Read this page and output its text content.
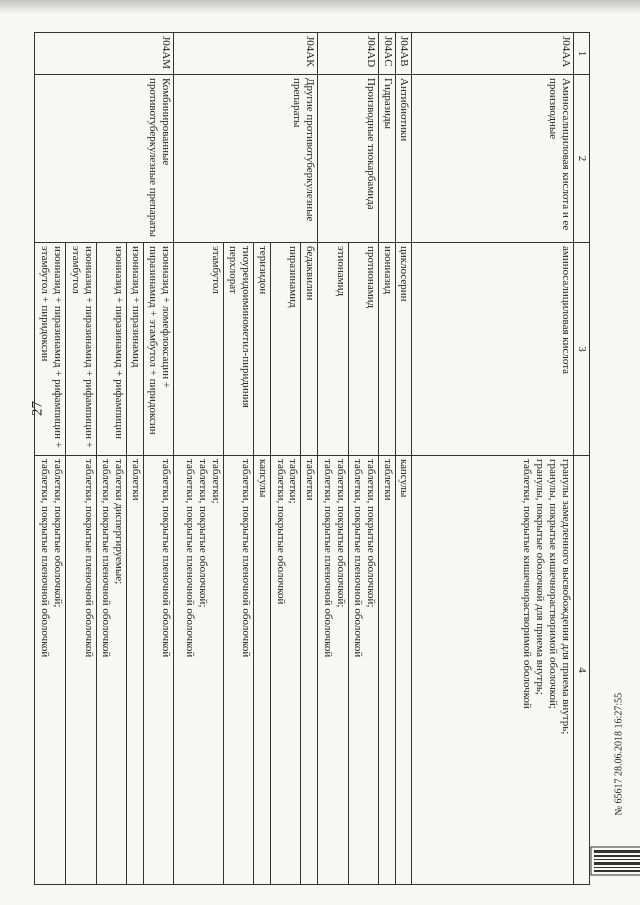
27
1	2	3	4
J04AA	Аминосалициловая кислота и ее производные	аминосалициловая кислота	гранулы замедленного высвобождения для приема внутрь;
гранулы, покрытые кишечнорастворимой оболочкой;
гранулы, покрытые оболочкой для приема внутрь;
таблетки, покрытые кишечнорастворимой оболочкой

J04AB	Антибиотики	циклосерин	капсулы
J04AC	Гидразиды	изониазид	таблетки
J04AD	Производные тиокарбамида	протионамид	таблетки, покрытые оболочкой;
таблетки, покрытые пленочной оболочкой

		этионамид	таблетки, покрытые оболочкой;
таблетки, покрытые пленочной оболочкой

J04AK	Другие противотуберкулезные препараты	бедаквилин	таблетки
		пиразинамид	таблетки;
таблетки, покрытые оболочкой

		теризидон	капсулы
		тиоуреидоиминометил-пиридиния перхлорат	таблетки, покрытые пленочной оболочкой
		этамбутол	таблетки;
таблетки, покрытые оболочкой;
таблетки, покрытые пленочной оболочкой

J04AM	Комбинированные противотуберкулезные препараты	изониазид + ломефлоксацин + пиразинамид + этамбутол + пиридоксин	таблетки, покрытые пленочной оболочкой
		изониазид + пиразинамид	таблетки
		изониазид + пиразинамид + рифампицин	таблетки диспергируемые;
таблетки, покрытые пленочной оболочкой

		изониазид + пиразинамид + рифампицин + этамбутол	таблетки, покрытые пленочной оболочкой
		изониазид + пиразинамид + рифампицин + этамбутол + пиридоксин	таблетки, покрытые оболочкой;
таблетки, покрытые пленочной оболочкой
№ 65617 28.06.2018 16:27:55
